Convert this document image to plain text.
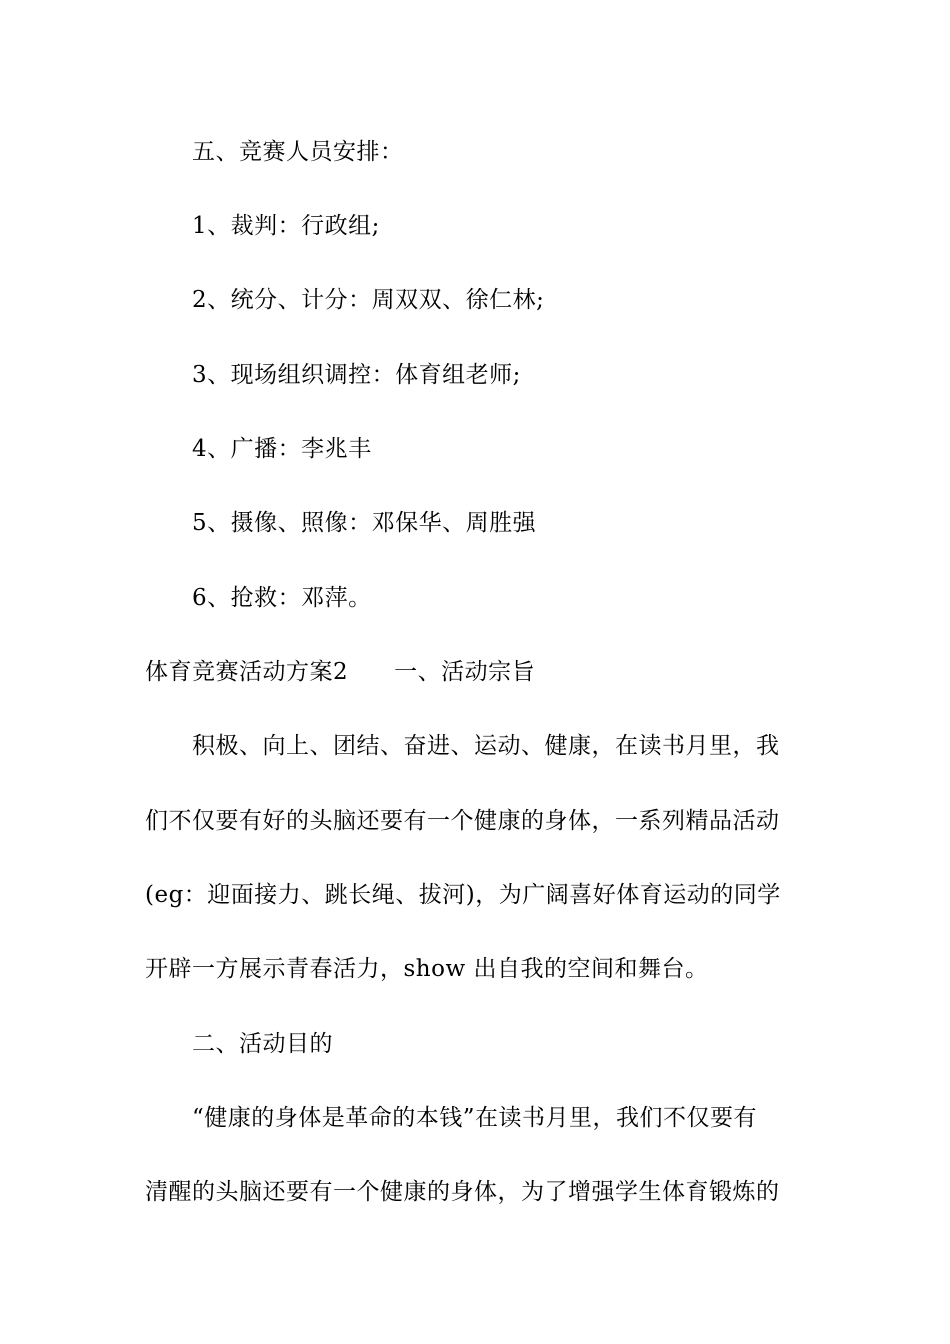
五、竞赛人员安排：
1、裁判：行政组;
2、统分、计分：周双双、徐仁林;
3、现场组织调控：体育组老师;
4、广播：李兆丰
5、摄像、照像：邓保华、周胜强
6、抢救：邓萍。
体育竞赛活动方案2 一、活动宗旨
积极、向上、团结、奋进、运动、健康，在读书月里，我
们不仅要有好的头脑还要有一个健康的身体，一系列精品活动
(eg：迎面接力、跳长绳、拔河)，为广阔喜好体育运动的同学
开辟一方展示青春活力，show 出自我的空间和舞台。
二、活动目的
“健康的身体是革命的本钱”在读书月里，我们不仅要有
清醒的头脑还要有一个健康的身体，为了增强学生体育锻炼的
